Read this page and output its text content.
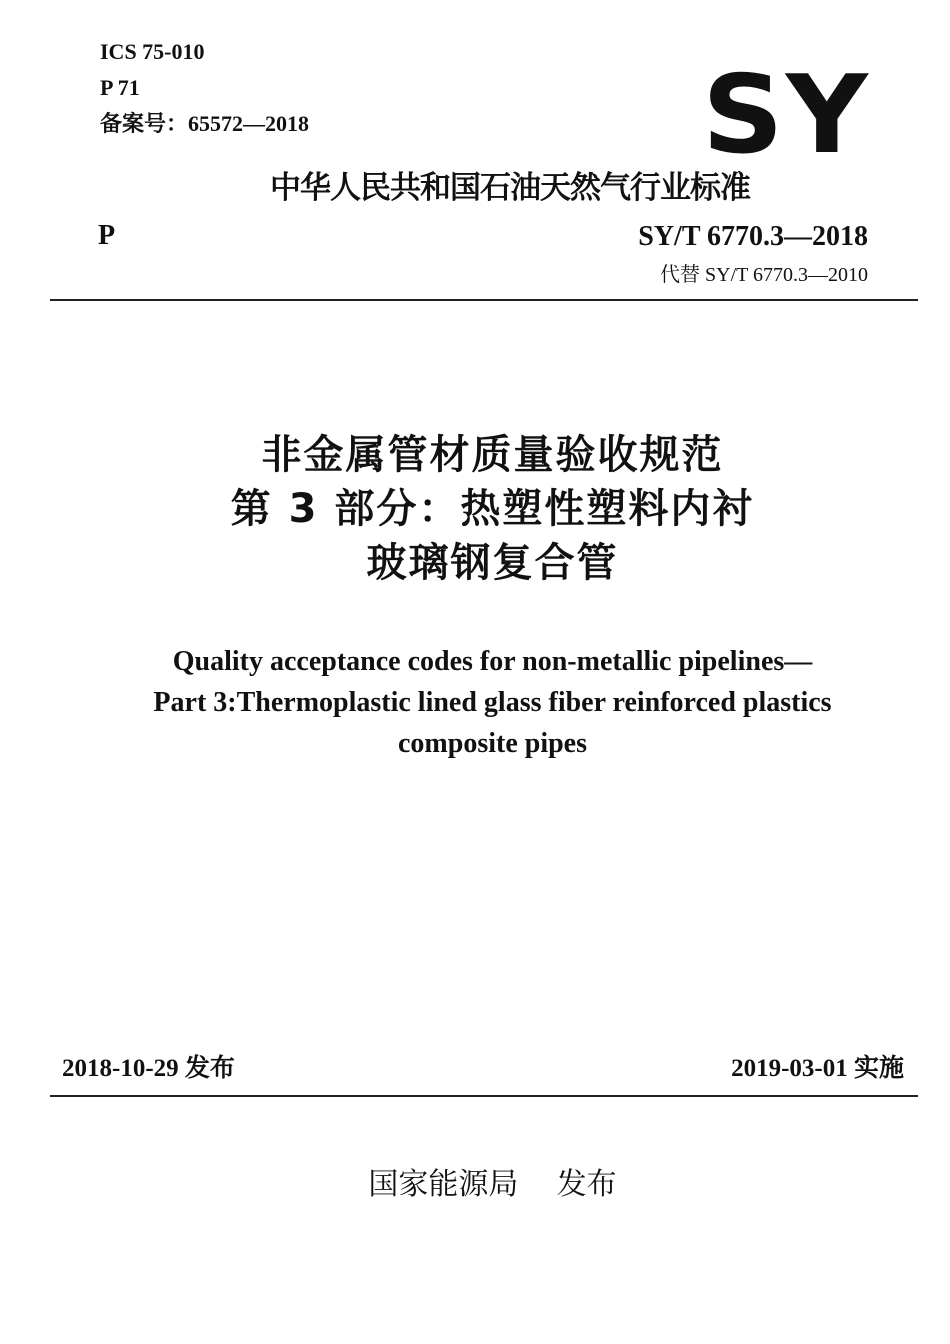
ICS 75-010
P 71
备案号：65572—2018	SY
中华人民共和国石油天然气行业标准
P	SY/T 6770.3—2018
代替 SY/T 6770.3—2010
非金属管材质量验收规范
第 3 部分：热塑性塑料内衬
玻璃钢复合管
Quality acceptance codes for non-metallic pipelines—
Part 3:Thermoplastic lined glass fiber reinforced plastics
composite pipes
2018-10-29 发布	2019-03-01 实施
国家能源局    发布
